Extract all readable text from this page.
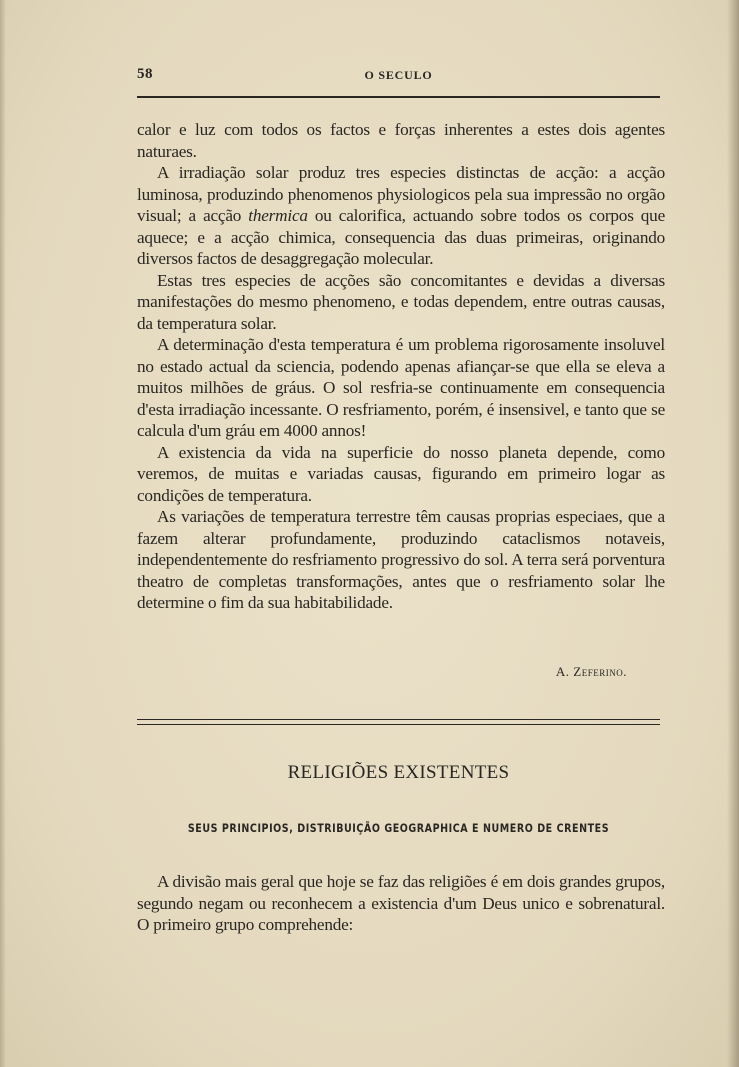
58	O SECULO

calor e luz com todos os factos e forças inherentes a estes dois agentes naturaes.

A irradiação solar produz tres especies distinctas de acção: a acção luminosa, produzindo phenomenos physiologicos pela sua impressão no orgão visual; a acção thermica ou calorifica, actuando sobre todos os corpos que aquece; e a acção chimica, consequencia das duas primeiras, originando diversos factos de desaggregação molecular.

Estas tres especies de acções são concomitantes e devidas a diversas manifestações do mesmo phenomeno, e todas dependem, entre outras causas, da temperatura solar.

A determinação d'esta temperatura é um problema rigorosamente insoluvel no estado actual da sciencia, podendo apenas afiançar-se que ella se eleva a muitos milhões de gráus. O sol resfria-se continuamente em consequencia d'esta irradiação incessante. O resfriamento, porém, é insensivel, e tanto que se calcula d'um gráu em 4000 annos!

A existencia da vida na superficie do nosso planeta depende, como veremos, de muitas e variadas causas, figurando em primeiro logar as condições de temperatura.

As variações de temperatura terrestre têm causas proprias especiaes, que a fazem alterar profundamente, produzindo cataclismos notaveis, independentemente do resfriamento progressivo do sol. A terra será porventura theatro de completas transformações, antes que o resfriamento solar lhe determine o fim da sua habitabilidade.

A. Zeferino.
RELIGIÕES EXISTENTES
SEUS PRINCIPIOS, DISTRIBUIÇÃO GEOGRAPHICA E NUMERO DE CRENTES

A divisão mais geral que hoje se faz das religiões é em dois grandes grupos, segundo negam ou reconhecem a existencia d'um Deus unico e sobrenatural. O primeiro grupo comprehende:
